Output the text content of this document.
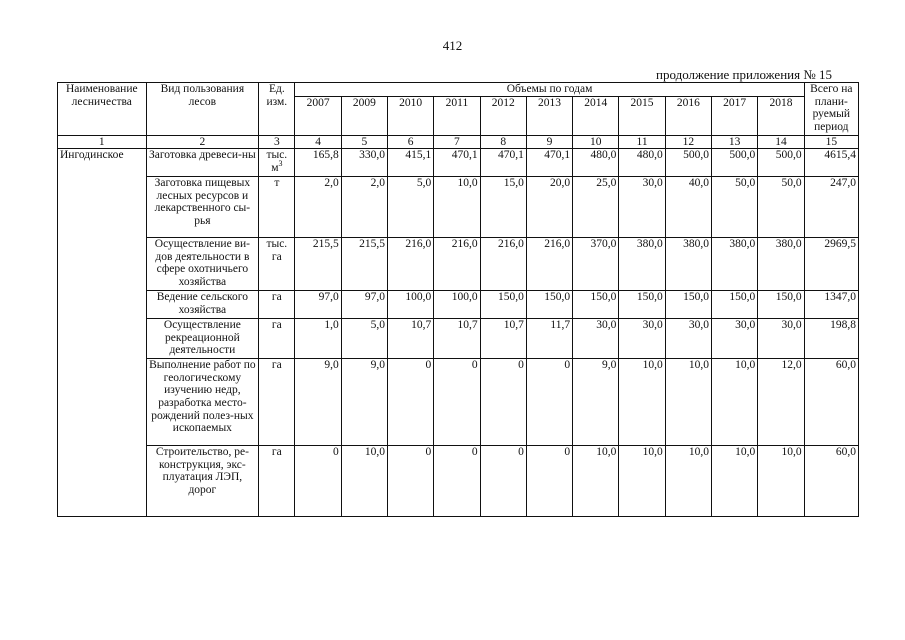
412
продолжение приложения № 15
Наименование лесничества	Вид пользования лесов	Ед. изм.	Объемы по годам											Всего на плани-руемый период
			2007	2009	2010	2011	2012	2013	2014	2015	2016	2017	2018	
1	2	3	4	5	6	7	8	9	10	11	12	13	14	15
Ингодинское	Заготовка древеси-ны	тыс. $м^3$	165,8	330,0	415,1	470,1	470,1	470,1	480,0	480,0	500,0	500,0	500,0	4615,4
	Заготовка пищевых лесных ресурсов и лекарственного сы-рья	т	2,0	2,0	5,0	10,0	15,0	20,0	25,0	30,0	40,0	50,0	50,0	247,0
	Осуществление ви-дов деятельности в сфере охотничьего хозяйства	тыс. га	215,5	215,5	216,0	216,0	216,0	216,0	370,0	380,0	380,0	380,0	380,0	2969,5
	Ведение сельского хозяйства	га	97,0	97,0	100,0	100,0	150,0	150,0	150,0	150,0	150,0	150,0	150,0	1347,0
	Осуществление рекреационной деятельности	га	1,0	5,0	10,7	10,7	10,7	11,7	30,0	30,0	30,0	30,0	30,0	198,8
	Выполнение работ по геологическому изучению недр, разработка место-рождений полез-ных ископаемых	га	9,0	9,0	0	0	0	0	9,0	10,0	10,0	10,0	12,0	60,0
	Строительство, ре-конструкция, экс-плуатация ЛЭП, дорог	га	0	10,0	0	0	0	0	10,0	10,0	10,0	10,0	10,0	60,0
